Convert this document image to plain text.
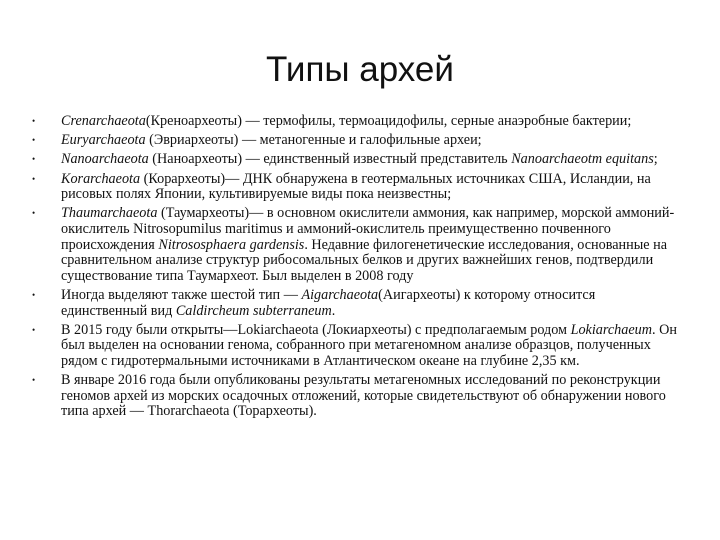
Типы архей
• Crenarchaeota(Креноархеоты) — термофилы, термоацидофилы, серные анаэробные бактерии;
• Euryarchaeota (Эвриархеоты) — метаногенные и галофильные археи;
• Nanoarchaeota (Наноархеоты) — единственный известный представитель Nanoarchaeotm equitans;
• Korarchaeota (Корархеоты)— ДНК обнаружена в геотермальных источниках США, Исландии, на рисовых полях Японии, культивируемые виды пока неизвестны;
• Thaumarchaeota (Таумархеоты)— в основном окислители аммония, как например, морской аммоний-окислитель Nitrosopumilus maritimus и аммоний-окислитель преимущественно почвенного происхождения Nitrososphaera gardensis. Недавние филогенетические исследования, основанные на сравнительном анализе структур рибосомальных белков и других важнейших генов, подтвердили существование типа Таумархеот. Был выделен в 2008 году
• Иногда выделяют также шестой тип — Aigarchaeota(Аигархеоты) к которому относится единственный вид Caldircheum subterraneum.
• В 2015 году были открыты—Lokiarchaeota (Локиархеоты) с предполагаемым родом Lokiarchaeum. Он был выделен на основании генома, собранного при метагеномном анализе образцов, полученных рядом с гидротермальными источниками в Атлантическом океане на глубине 2,35 км.
• В январе 2016 года были опубликованы результаты метагеномных исследований по реконструкции геномов архей из морских осадочных отложений, которые свидетельствуют об обнаружении нового типа архей — Thorarchaeota (Торархеоты).
